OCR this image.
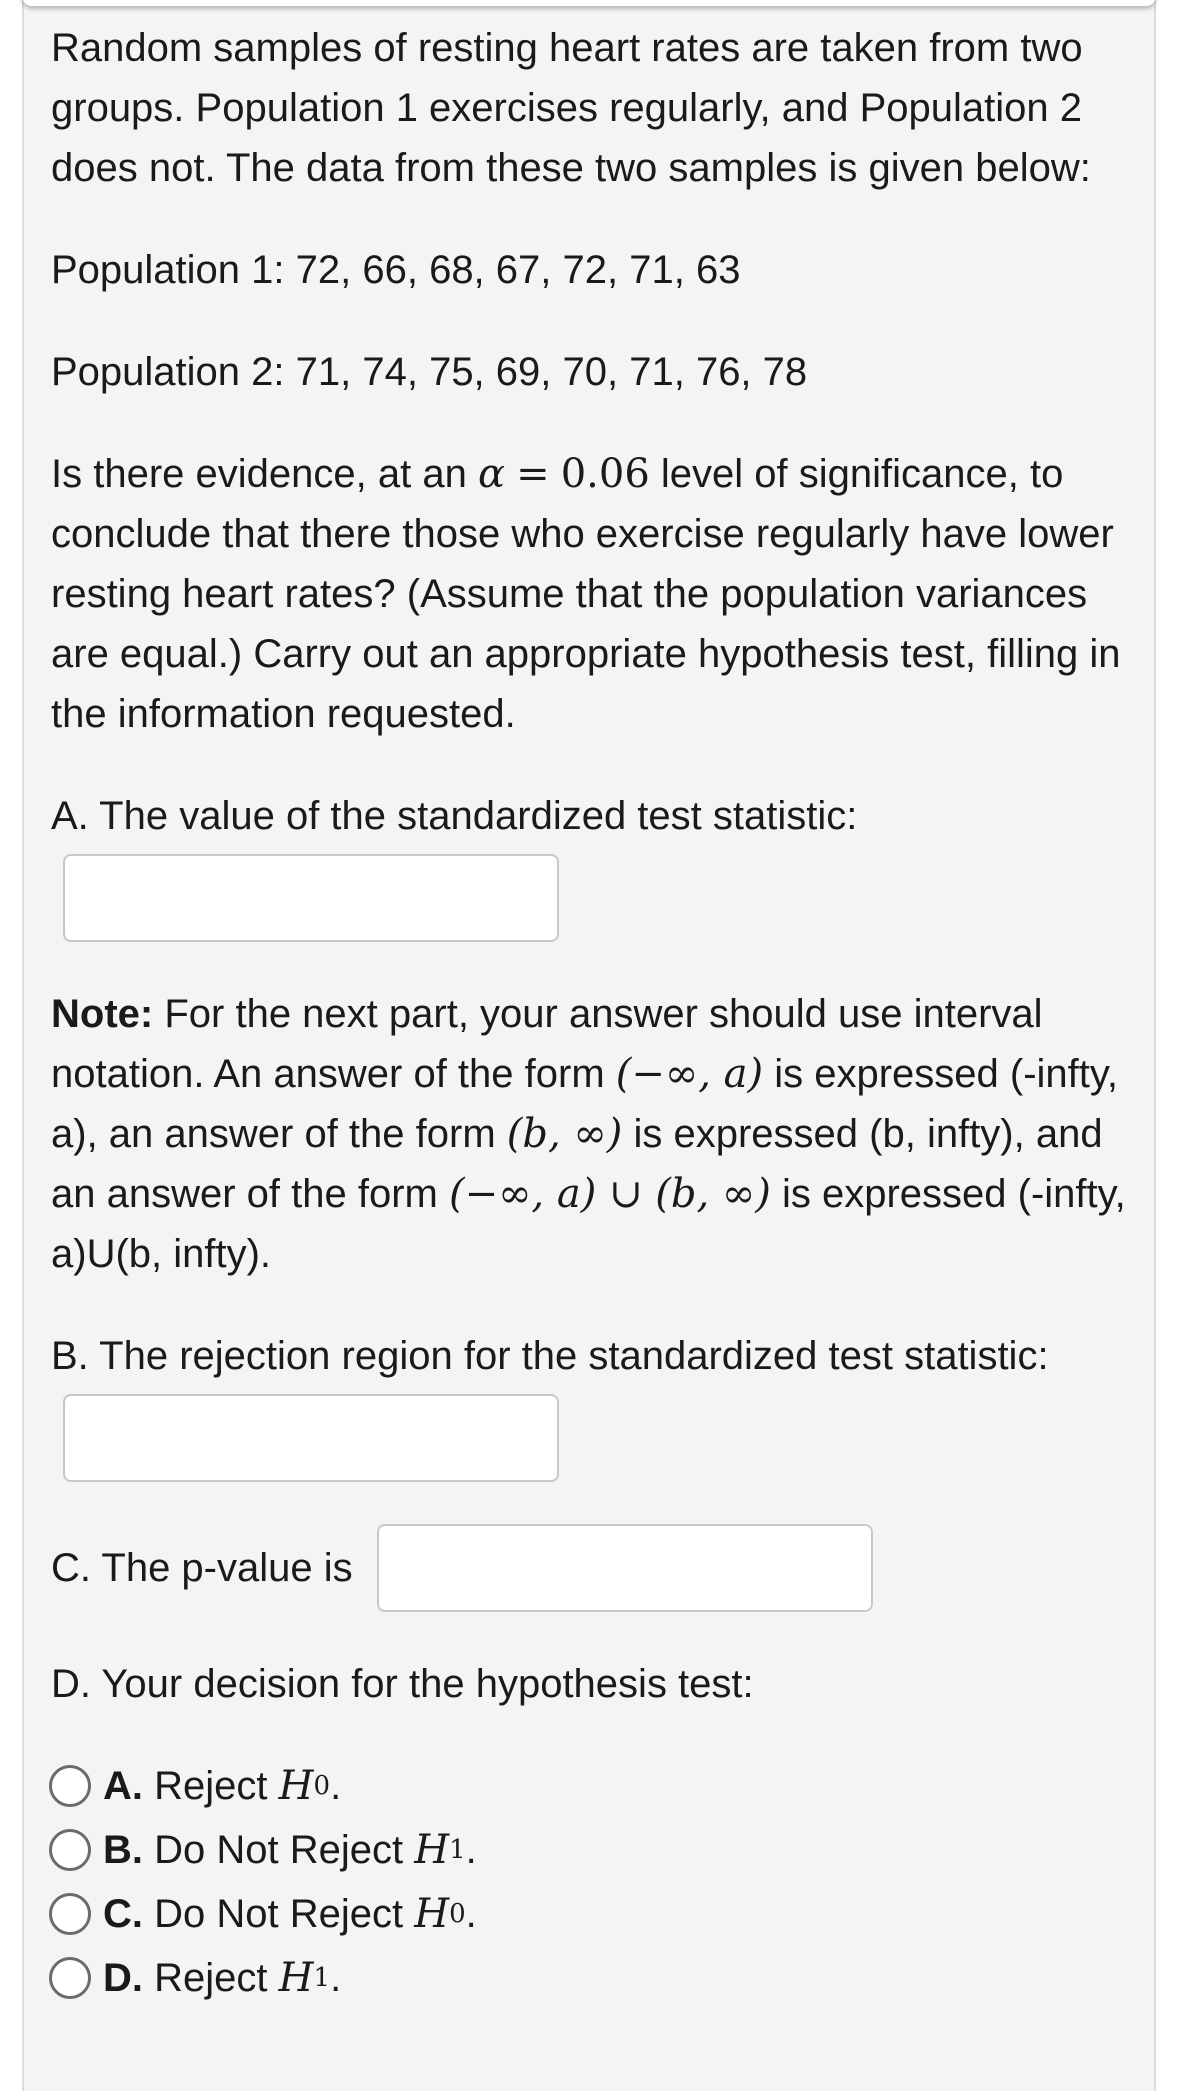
Random samples of resting heart rates are taken from two groups. Population 1 exercises regularly, and Population 2 does not. The data from these two samples is given below:

Population 1: 72, 66, 68, 67, 72, 71, 63

Population 2: 71, 74, 75, 69, 70, 71, 76, 78

Is there evidence, at an α = 0.06 level of significance, to conclude that there those who exercise regularly have lower resting heart rates? (Assume that the population variances are equal.) Carry out an appropriate hypothesis test, filling in the information requested.

A. The value of the standardized test statistic:

Note: For the next part, your answer should use interval notation. An answer of the form (−∞, a) is expressed (-infty, a), an answer of the form (b, ∞) is expressed (b, infty), and an answer of the form (−∞, a) ∪ (b, ∞) is expressed (-infty, a)U(b, infty).

B. The rejection region for the standardized test statistic:

C. The p-value is

D. Your decision for the hypothesis test:

A.
Reject
H 0 .
B.
Do Not Reject
H 1 .
C.
Do Not Reject
H 0 .
D.
Reject
H 1 .
